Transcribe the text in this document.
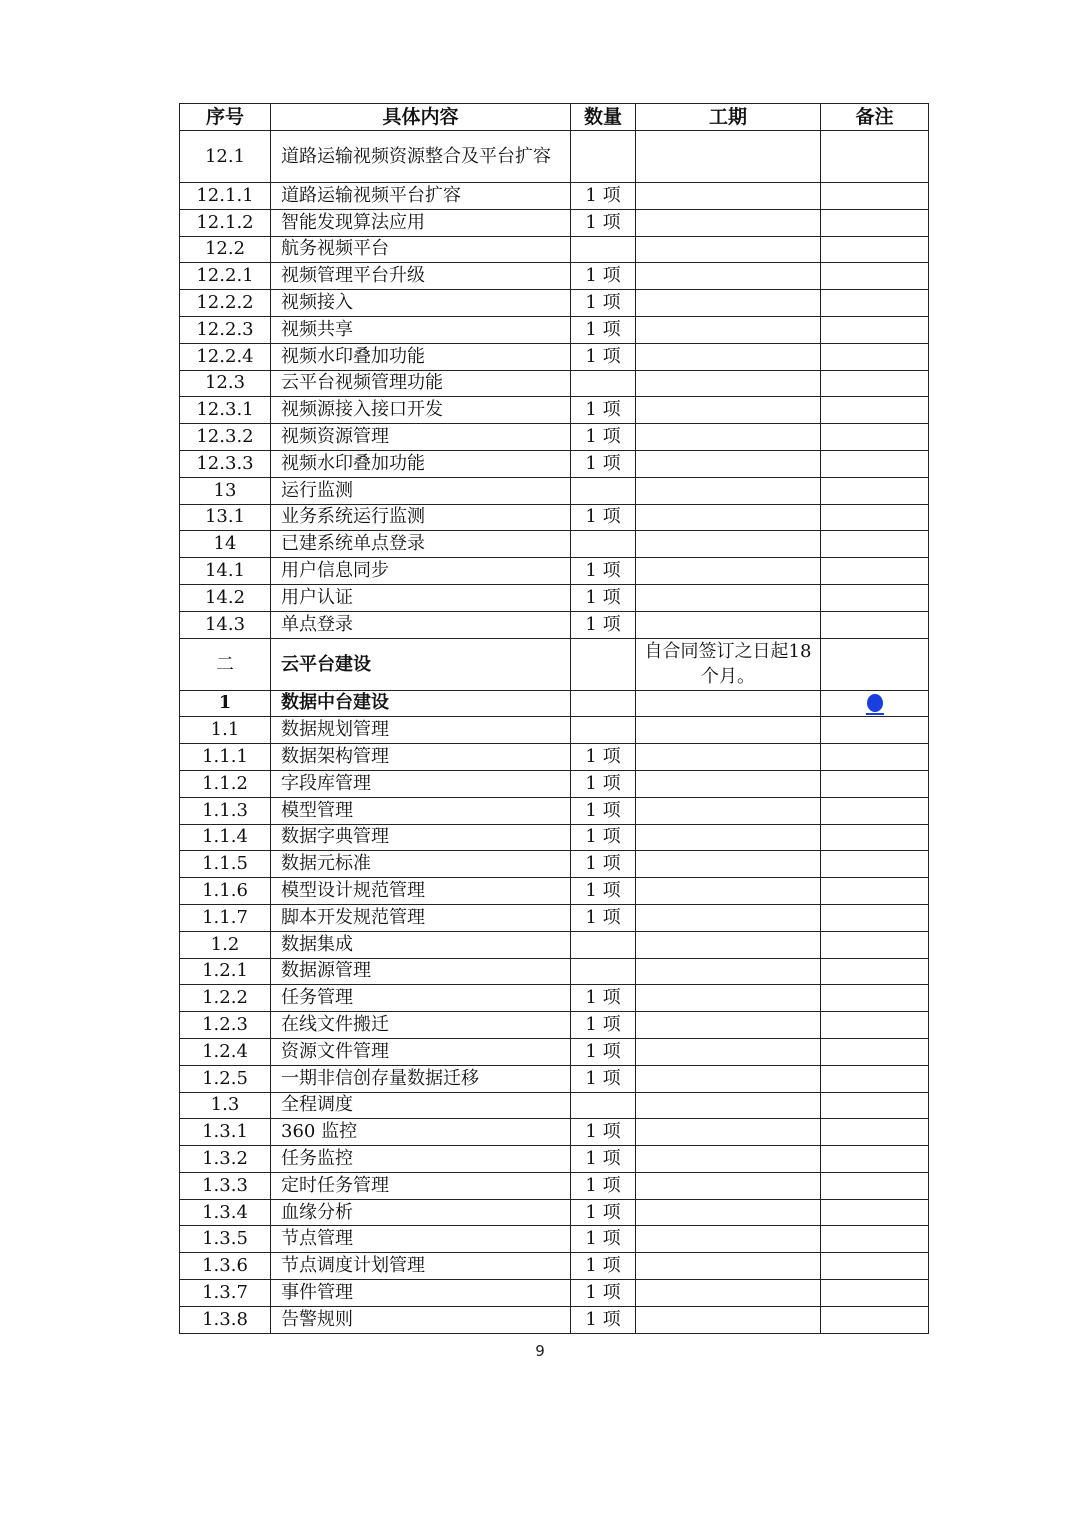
序号	具体内容	数量	工期	备注
12.1	道路运输视频资源整合及平台扩容			
12.1.1	道路运输视频平台扩容	1 项		
12.1.2	智能发现算法应用	1 项		
12.2	航务视频平台			
12.2.1	视频管理平台升级	1 项		
12.2.2	视频接入	1 项		
12.2.3	视频共享	1 项		
12.2.4	视频水印叠加功能	1 项		
12.3	云平台视频管理功能			
12.3.1	视频源接入接口开发	1 项		
12.3.2	视频资源管理	1 项		
12.3.3	视频水印叠加功能	1 项		
13	运行监测			
13.1	业务系统运行监测	1 项		
14	已建系统单点登录			
14.1	用户信息同步	1 项		
14.2	用户认证	1 项		
14.3	单点登录	1 项		
二	云平台建设		自合同签订之日起18 个月。	
1	数据中台建设			
1.1	数据规划管理			
1.1.1	数据架构管理	1 项		
1.1.2	字段库管理	1 项		
1.1.3	模型管理	1 项		
1.1.4	数据字典管理	1 项		
1.1.5	数据元标准	1 项		
1.1.6	模型设计规范管理	1 项		
1.1.7	脚本开发规范管理	1 项		
1.2	数据集成			
1.2.1	数据源管理			
1.2.2	任务管理	1 项		
1.2.3	在线文件搬迁	1 项		
1.2.4	资源文件管理	1 项		
1.2.5	一期非信创存量数据迁移	1 项		
1.3	全程调度			
1.3.1	360 监控	1 项		
1.3.2	任务监控	1 项		
1.3.3	定时任务管理	1 项		
1.3.4	血缘分析	1 项		
1.3.5	节点管理	1 项		
1.3.6	节点调度计划管理	1 项		
1.3.7	事件管理	1 项		
1.3.8	告警规则	1 项		
9
